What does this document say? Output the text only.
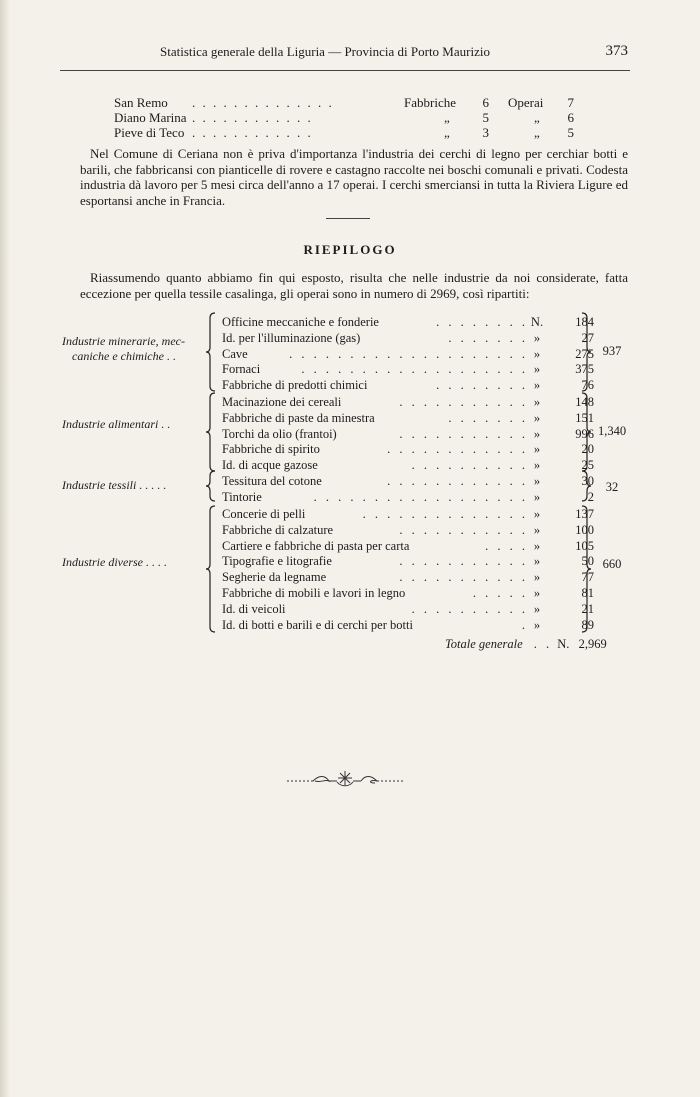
Statistica generale della Liguria — Provincia di Porto Maurizio	373
San Remo . . . . . . . . . . . . . .	Fabbriche	6 Operai	7
Diano Marina . . . . . . . . . . . .	„	5	„	6
Pieve di Teco . . . . . . . . . . . .	„	3	„	5
Nel Comune di Ceriana non è priva d'importanza l'industria dei cerchi di legno per cerchiar botti e barili, che fabbricansi con pianticelle di rovere e castagno raccolte nei boschi comunali e privati. Codesta industria dà lavoro per 5 mesi circa dell'anno a 17 operai. I cerchi smerciansi in tutta la Riviera Ligure ed esportansi anche in Francia.
RIEPILOGO
Riassumendo quanto abbiamo fin qui esposto, risulta che nelle industrie da noi considerate, fatta eccezione per quella tessile casalinga, gli operai sono in numero di 2969, così ripartiti:
Totale generale . . N. 2,969
Industrie minerarie, mec-
caniche e chimiche . .	937
Officine meccaniche e fonderie	. . . . . . . . N.	184
Id. per l'illuminazione (gas)	. . . . . . . »	27
Cave	. . . . . . . . . . . . . . . . . . . . »	275
Fornaci	. . . . . . . . . . . . . . . . . . . »	375
Fabbriche di predotti chimici	. . . . . . . . »	76
Industrie alimentari . .	1,340
Macinazione dei cereali	. . . . . . . . . . . »	148
Fabbriche di paste da minestra	. . . . . . . »	151
Torchi da olio (frantoi)	. . . . . . . . . . . »	996
Fabbriche di spirito	. . . . . . . . . . . . »	20
Id. di acque gazose	. . . . . . . . . . »	25
Industrie tessili . . . . .	32
Tessitura del cotone	. . . . . . . . . . . . »	30
Tintorie	. . . . . . . . . . . . . . . . . . »	2
Industrie diverse . . . .	660
Concerie di pelli	. . . . . . . . . . . . . . »	137
Fabbriche di calzature	. . . . . . . . . . . »	100
Cartiere e fabbriche di pasta per carta	. . . . »	105
Tipografie e litografie	. . . . . . . . . . . »	50
Segherie da legname	. . . . . . . . . . . »	77
Fabbriche di mobili e lavori in legno	. . . . . »	81
Id. di veicoli	. . . . . . . . . . »	21
Id. di botti e barili e di cerchi per botti	. »	89
